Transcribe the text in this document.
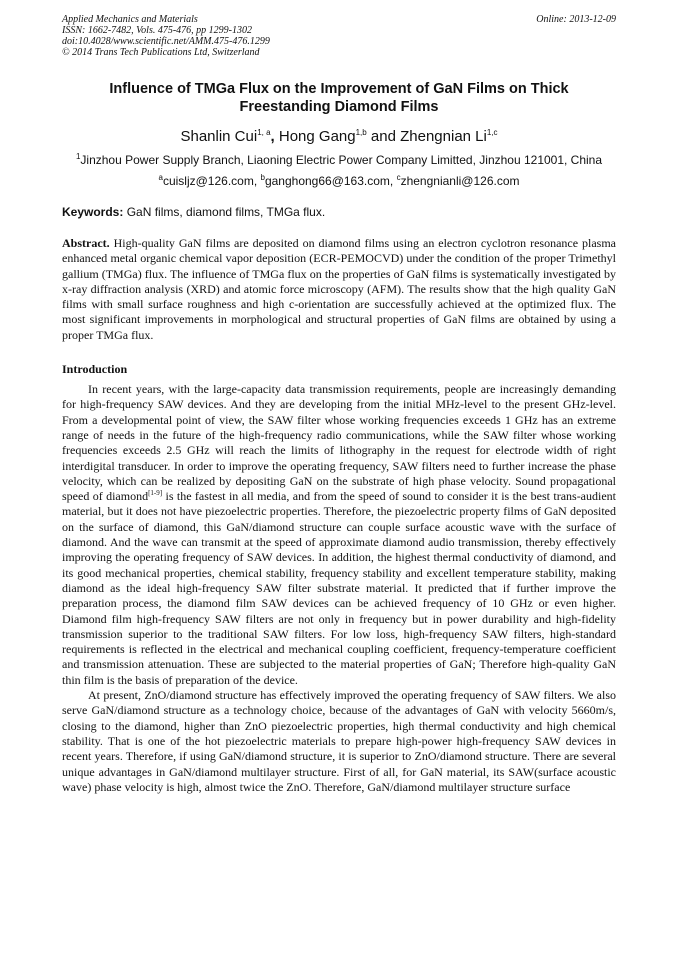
Applied Mechanics and Materials
ISSN: 1662-7482, Vols. 475-476, pp 1299-1302
doi:10.4028/www.scientific.net/AMM.475-476.1299
© 2014 Trans Tech Publications Ltd, Switzerland
Online: 2013-12-09
Influence of TMGa Flux on the Improvement of GaN Films on Thick
Freestanding Diamond Films
Shanlin Cui$^{1, a}$, Hong Gang$^{1,b}$ and Zhengnian Li$^{1,c}$
$^1$Jinzhou Power Supply Branch, Liaoning Electric Power Company Limitted, Jinzhou 121001, China
$^a$cuisljz@126.com, $^b$ganghong66@163.com, $^c$zhengnianli@126.com
Keywords: GaN films, diamond films, TMGa flux.

Abstract. High-quality GaN films are deposited on diamond films using an electron cyclotron resonance plasma enhanced metal organic chemical vapor deposition (ECR-PEMOCVD) under the condition of the proper Trimethyl gallium (TMGa) flux. The influence of TMGa flux on the properties of GaN films is systematically investigated by x-ray diffraction analysis (XRD) and atomic force microscopy (AFM). The results show that the high quality GaN films with small surface roughness and high c-orientation are successfully achieved at the optimized flux. The most significant improvements in morphological and structural properties of GaN films are obtained by using a proper TMGa flux.

Introduction

In recent years, with the large-capacity data transmission requirements, people are increasingly demanding for high-frequency SAW devices. And they are developing from the initial MHz-level to the present GHz-level. From a developmental point of view, the SAW filter whose working frequencies exceeds 1 GHz has an extreme range of needs in the future of the high-frequency radio communications, while the SAW filter whose working frequencies exceeds 2.5 GHz will reach the limits of lithography in the request for electrode width of right interdigital transducer. In order to improve the operating frequency, SAW filters need to further increase the phase velocity, which can be realized by depositing GaN on the substrate of high phase velocity. Sound propagational speed of diamond[1-9] is the fastest in all media, and from the speed of sound to consider it is the best trans-audient material, but it does not have piezoelectric properties. Therefore, the piezoelectric property films of GaN deposited on the surface of diamond, this GaN/diamond structure can couple surface acoustic wave with the surface of diamond. And the wave can transmit at the speed of approximate diamond audio transmission, thereby effectively improving the operating frequency of SAW devices. In addition, the highest thermal conductivity of diamond, and its good mechanical properties, chemical stability, frequency stability and excellent temperature stability, making diamond as the ideal high-frequency SAW filter substrate material. It predicted that if further improve the preparation process, the diamond film SAW devices can be achieved frequency of 10 GHz or even higher. Diamond film high-frequency SAW filters are not only in frequency but in power durability and high-fidelity transmission superior to the traditional SAW filters. For low loss, high-frequency SAW filters, high-standard requirements is reflected in the electrical and mechanical coupling coefficient, frequency-temperature coefficient and transmission attenuation. These are subjected to the material properties of GaN; Therefore high-quality GaN thin film is the basis of preparation of the device.

At present, ZnO/diamond structure has effectively improved the operating frequency of SAW filters. We also serve GaN/diamond structure as a technology choice, because of the advantages of GaN with velocity 5660m/s, closing to the diamond, higher than ZnO piezoelectric properties, high thermal conductivity and high chemical stability. That is one of the hot piezoelectric materials to prepare high-power high-frequency SAW devices in recent years. Therefore, if using GaN/diamond structure, it is superior to ZnO/diamond structure. There are several unique advantages in GaN/diamond multilayer structure. First of all, for GaN material, its SAW(surface acoustic wave) phase velocity is high, almost twice the ZnO. Therefore, GaN/diamond multilayer structure surface
